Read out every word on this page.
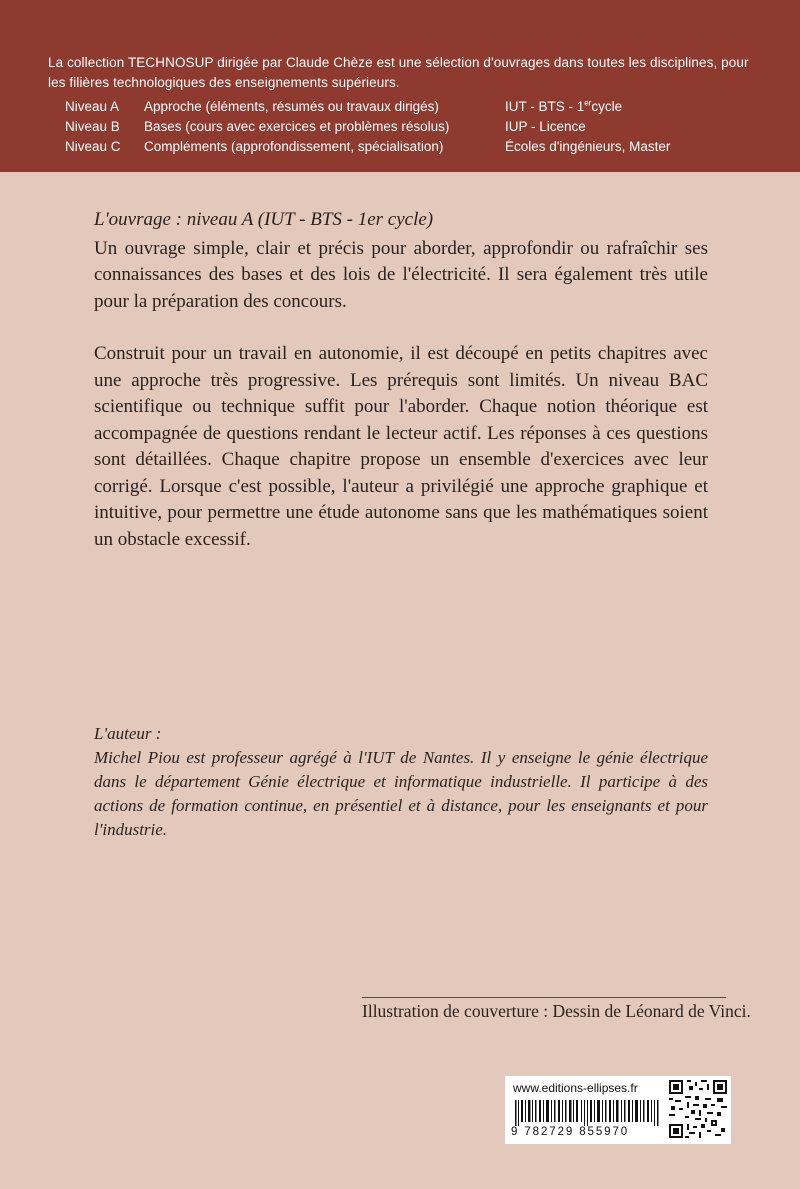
La collection TECHNOSUP dirigée par Claude Chèze est une sélection d'ouvrages dans toutes les disciplines, pour les filières technologiques des enseignements supérieurs.

Niveau A Approche (éléments, résumés ou travaux dirigés)	IUT - BTS - 1ercycle
Niveau B Bases (cours avec exercices et problèmes résolus)	IUP - Licence
Niveau C Compléments (approfondissement, spécialisation)	Écoles d'ingénieurs, Master

L'ouvrage : niveau A (IUT - BTS - 1er cycle)

Un ouvrage simple, clair et précis pour aborder, approfondir ou rafraîchir ses connaissances des bases et des lois de l'électricité. Il sera également très utile pour la préparation des concours.

Construit pour un travail en autonomie, il est découpé en petits chapitres avec une approche très progressive. Les prérequis sont limités. Un niveau BAC scientifique ou technique suffit pour l'aborder. Chaque notion théorique est accompagnée de questions rendant le lecteur actif. Les réponses à ces questions sont détaillées. Chaque chapitre propose un ensemble d'exercices avec leur corrigé. Lorsque c'est possible, l'auteur a privilégié une approche graphique et intuitive, pour permettre une étude autonome sans que les mathématiques soient un obstacle excessif.

L'auteur :

Michel Piou est professeur agrégé à l'IUT de Nantes. Il y enseigne le génie électrique dans le département Génie électrique et informatique industrielle. Il participe à des actions de formation continue, en présentiel et à distance, pour les enseignants et pour l'industrie.

Illustration de couverture : Dessin de Léonard de Vinci.

www.editions-ellipses.fr
9 782729 855970
